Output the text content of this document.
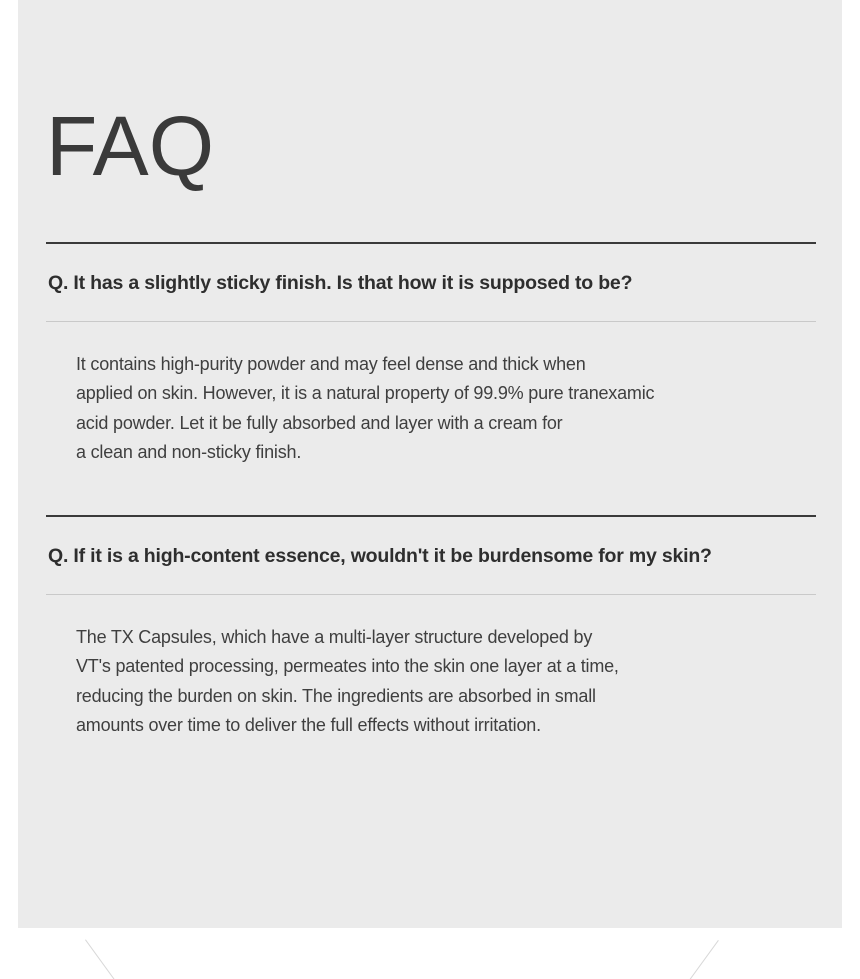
FAQ
Q. It has a slightly sticky finish. Is that how it is supposed to be?
It contains high-purity powder and may feel dense and thick when
applied on skin. However, it is a natural property of 99.9% pure tranexamic
acid powder. Let it be fully absorbed and layer with a cream for
a clean and non-sticky finish.
Q. If it is a high-content essence, wouldn't it be burdensome for my skin?
The TX Capsules, which have a multi-layer structure developed by
VT's patented processing, permeates into the skin one layer at a time,
reducing the burden on skin. The ingredients are absorbed in small
amounts over time to deliver the full effects without irritation.
